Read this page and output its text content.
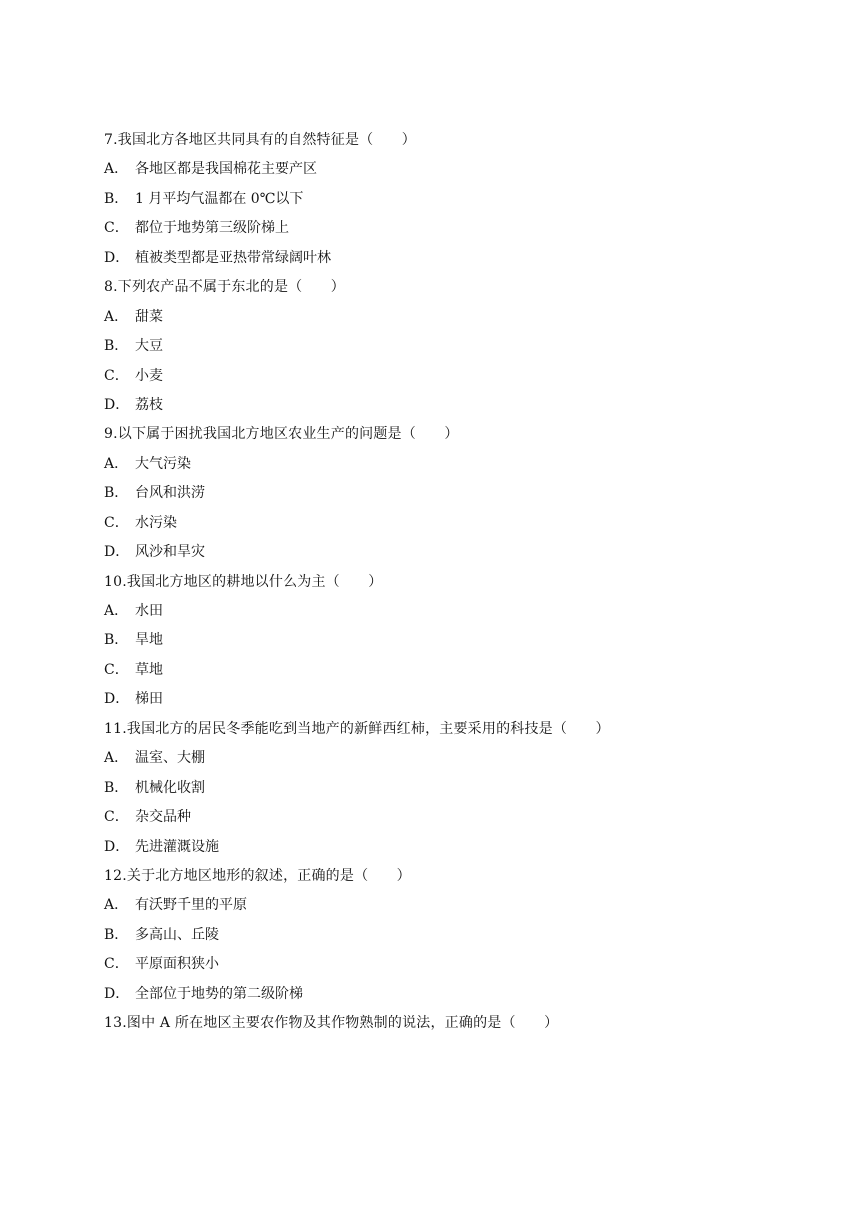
7.我国北方各地区共同具有的自然特征是（　　）
A． 各地区都是我国棉花主要产区
B． 1 月平均气温都在 0℃以下
C． 都位于地势第三级阶梯上
D． 植被类型都是亚热带常绿阔叶林
8.下列农产品不属于东北的是（　　）
A． 甜菜
B． 大豆
C． 小麦
D． 荔枝
9.以下属于困扰我国北方地区农业生产的问题是（　　）
A． 大气污染
B． 台风和洪涝
C． 水污染
D． 风沙和旱灾
10.我国北方地区的耕地以什么为主（　　）
A． 水田
B． 旱地
C． 草地
D． 梯田
11.我国北方的居民冬季能吃到当地产的新鲜西红柿，主要采用的科技是（　　）
A． 温室、大棚
B． 机械化收割
C． 杂交品种
D． 先进灌溉设施
12.关于北方地区地形的叙述，正确的是（　　）
A． 有沃野千里的平原
B． 多高山、丘陵
C． 平原面积狭小
D． 全部位于地势的第二级阶梯
13.图中 A 所在地区主要农作物及其作物熟制的说法，正确的是（　　）
